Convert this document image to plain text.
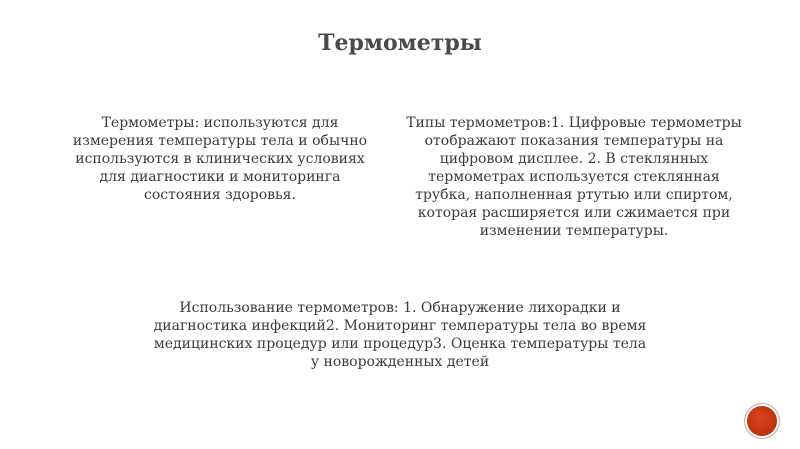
Термометры
Термометры: используются для
измерения температуры тела и обычно
используются в клинических условиях
для диагностики и мониторинга
состояния здоровья.
Типы термометров:1. Цифровые термометры
отображают показания температуры на
цифровом дисплее. 2. В стеклянных
термометрах используется стеклянная
трубка, наполненная ртутью или спиртом,
которая расширяется или сжимается при
изменении температуры.
Использование термометров: 1. Обнаружение лихорадки и
диагностика инфекций2. Мониторинг температуры тела во время
медицинских процедур или процедур3. Оценка температуры тела
у новорожденных детей
